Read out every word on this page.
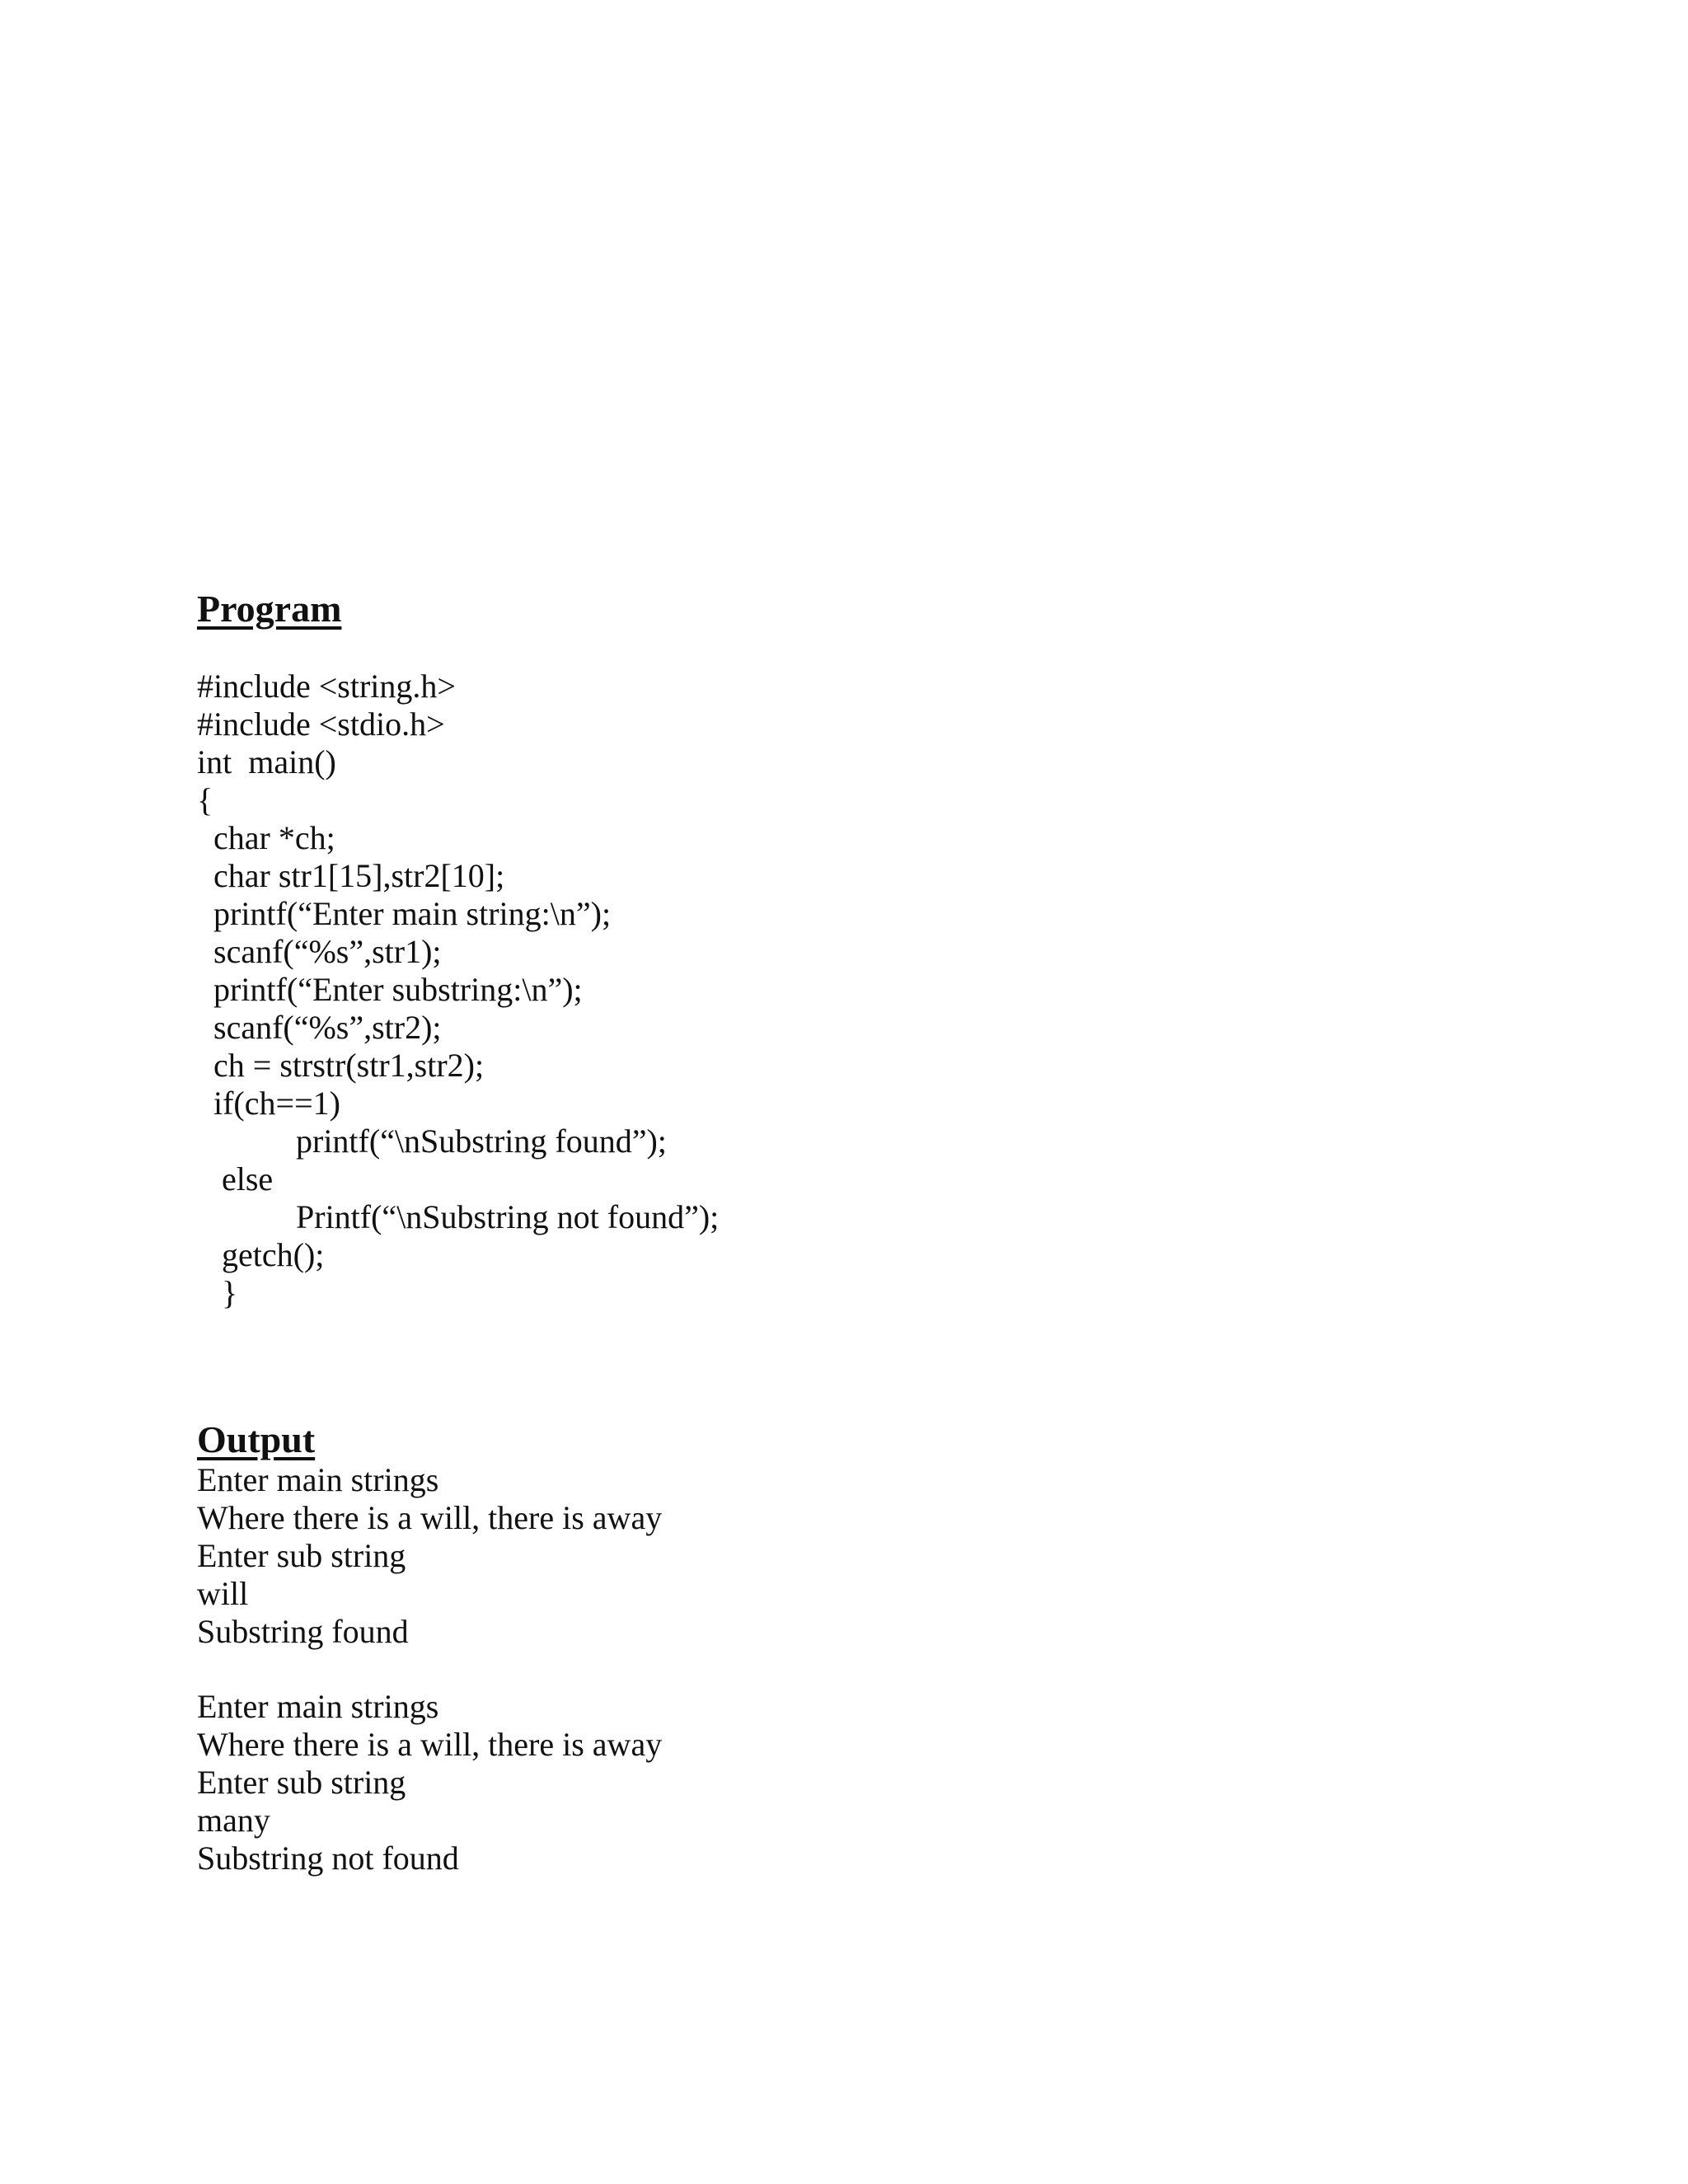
Program
#include <string.h>
#include <stdio.h>
int  main()
{
char *ch;
char str1[15],str2[10];
printf(“Enter main string:\n”);
scanf(“%s”,str1);
printf(“Enter substring:\n”);
scanf(“%s”,str2);
ch = strstr(str1,str2);
if(ch==1)
printf(“\nSubstring found”);
else
Printf(“\nSubstring not found”);
getch();
}
Output
Enter main strings
Where there is a will, there is away
Enter sub string
will
Substring found
Enter main strings
Where there is a will, there is away
Enter sub string
many
Substring not found
